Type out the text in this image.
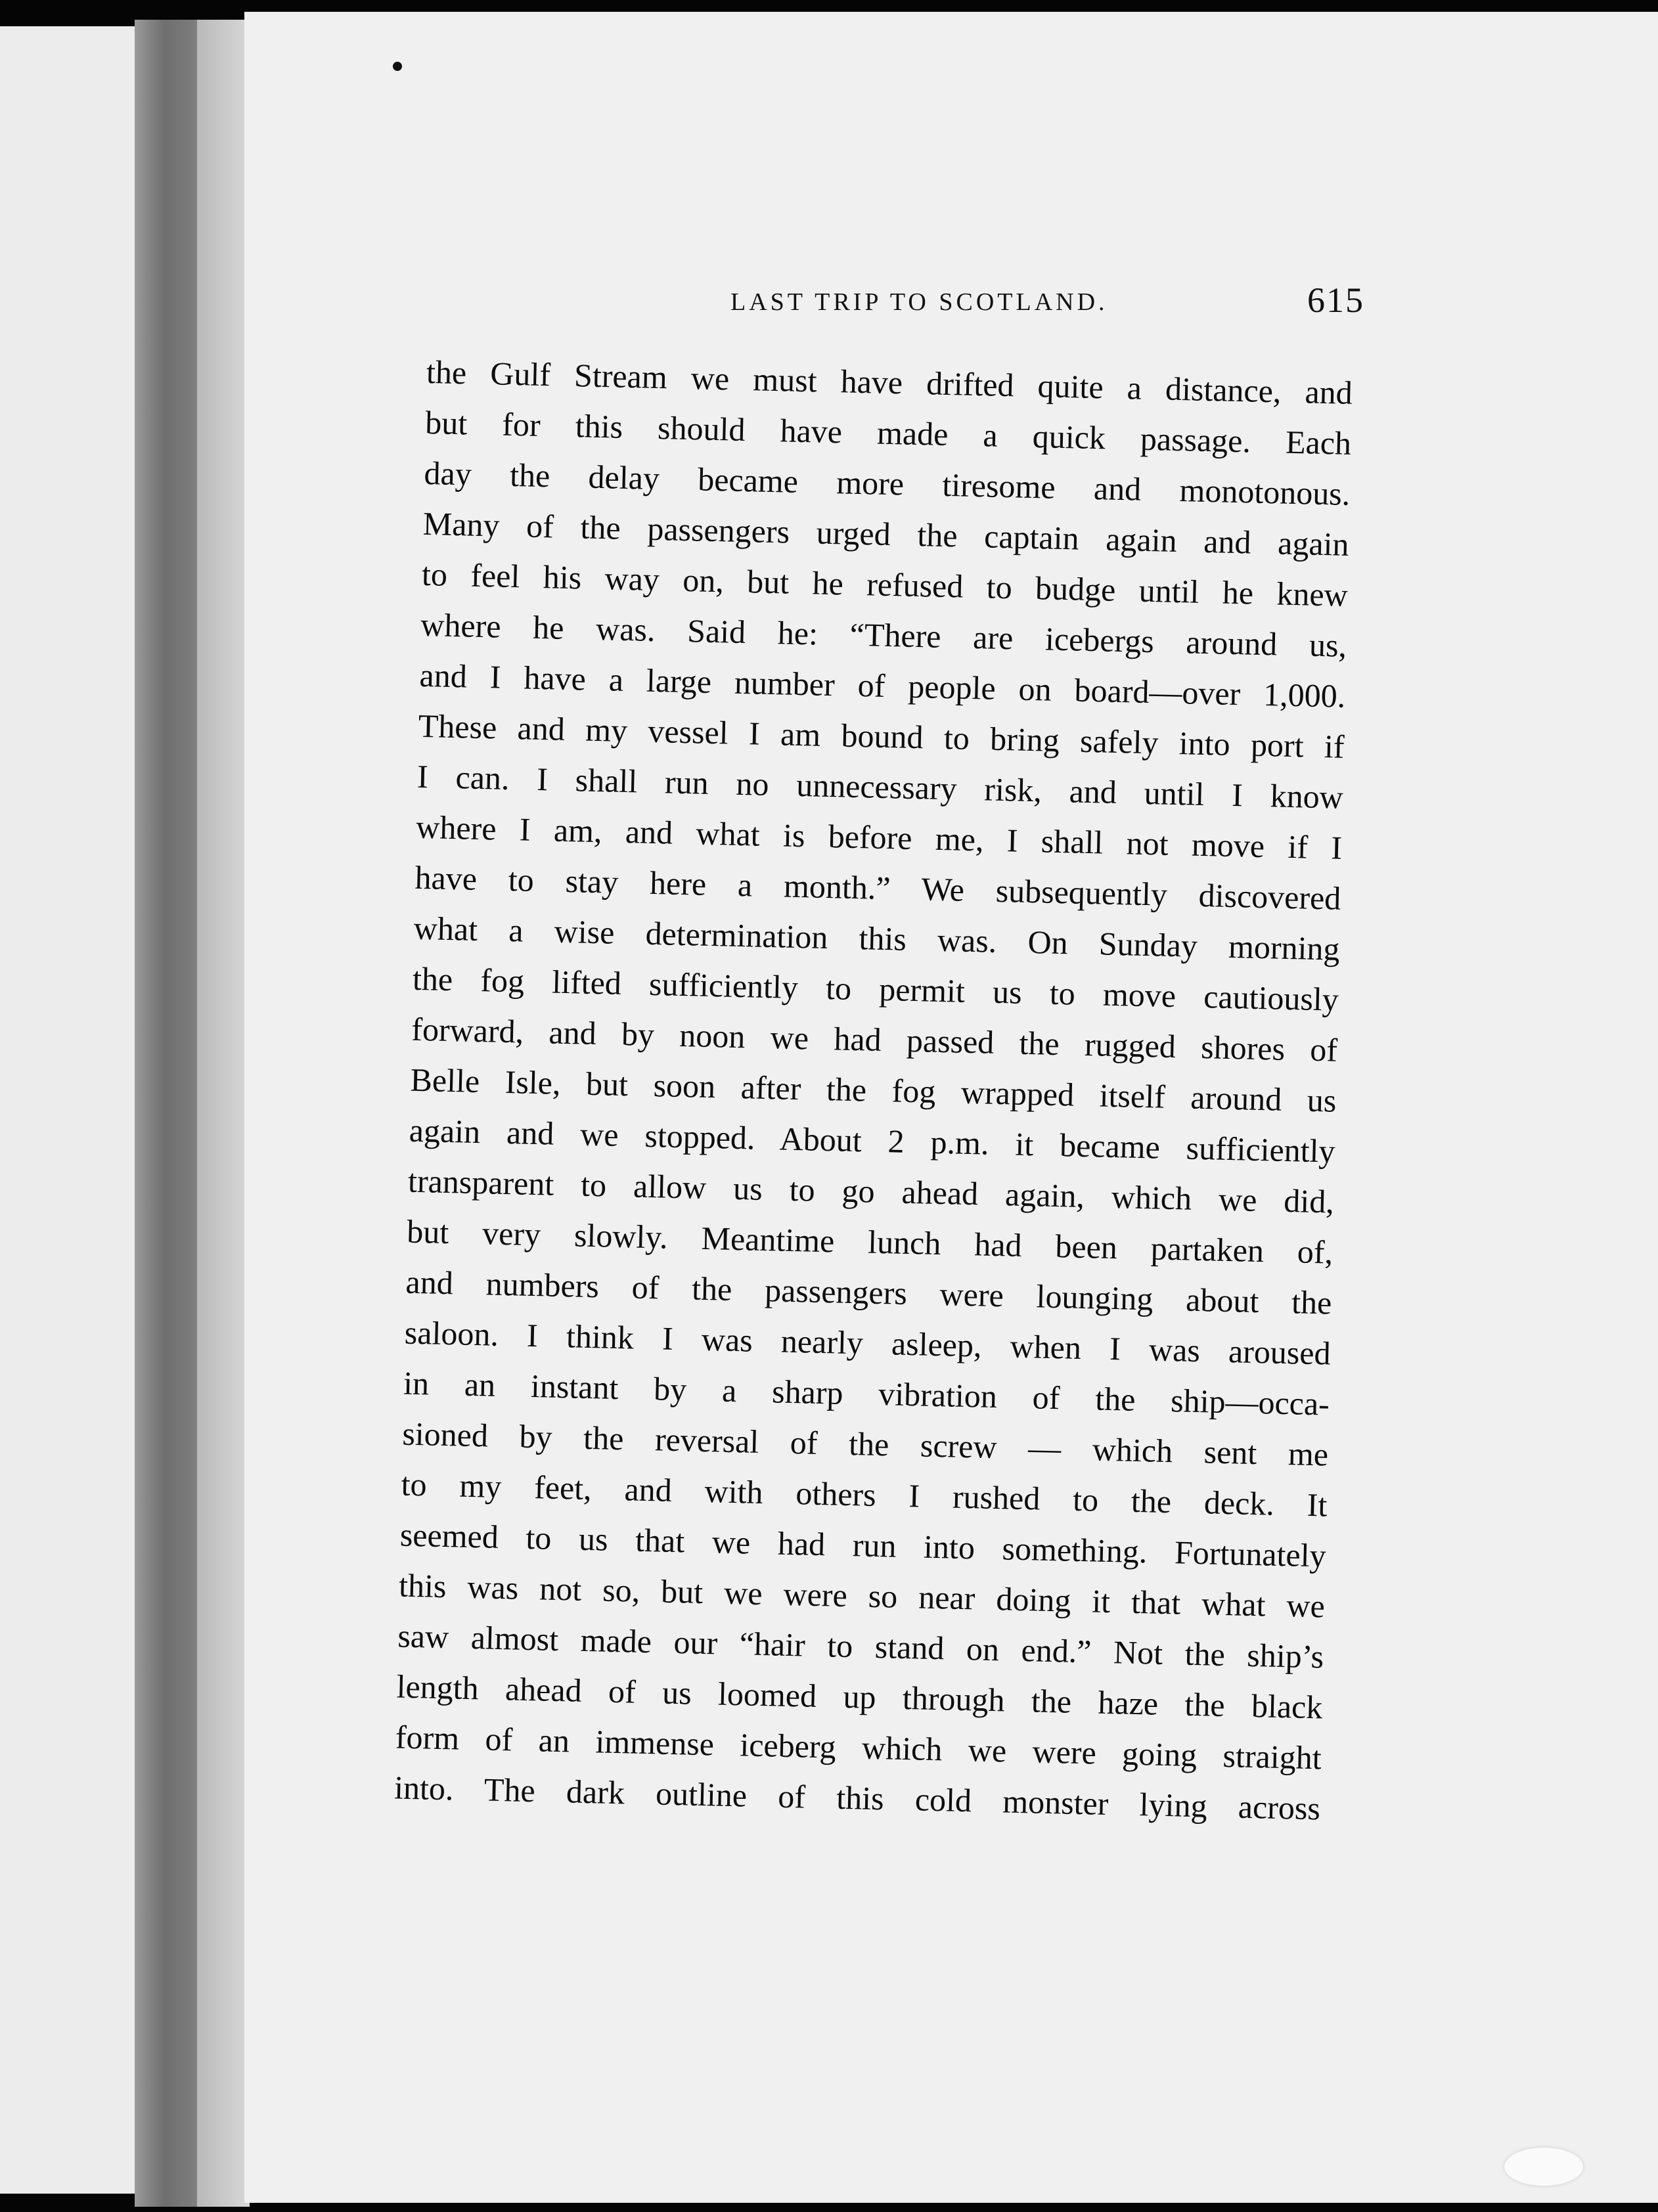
LAST TRIP TO SCOTLAND.	615
the Gulf Stream we must have drifted quite a distance, and
but for this should have made a quick passage. Each
day the delay became more tiresome and monotonous.
Many of the passengers urged the captain again and again
to feel his way on, but he refused to budge until he knew
where he was. Said he: “There are icebergs around us,
and I have a large number of people on board—over 1,000.
These and my vessel I am bound to bring safely into port if
I can. I shall run no unnecessary risk, and until I know
where I am, and what is before me, I shall not move if I
have to stay here a month.” We subsequently discovered
what a wise determination this was. On Sunday morning
the fog lifted sufficiently to permit us to move cautiously
forward, and by noon we had passed the rugged shores of
Belle Isle, but soon after the fog wrapped itself around us
again and we stopped. About 2 p.m. it became sufficiently
transparent to allow us to go ahead again, which we did,
but very slowly. Meantime lunch had been partaken of,
and numbers of the passengers were lounging about the
saloon. I think I was nearly asleep, when I was aroused
in an instant by a sharp vibration of the ship—occa-
sioned by the reversal of the screw — which sent me
to my feet, and with others I rushed to the deck. It
seemed to us that we had run into something. Fortunately
this was not so, but we were so near doing it that what we
saw almost made our “hair to stand on end.” Not the ship’s
length ahead of us loomed up through the haze the black
form of an immense iceberg which we were going straight
into. The dark outline of this cold monster lying across
